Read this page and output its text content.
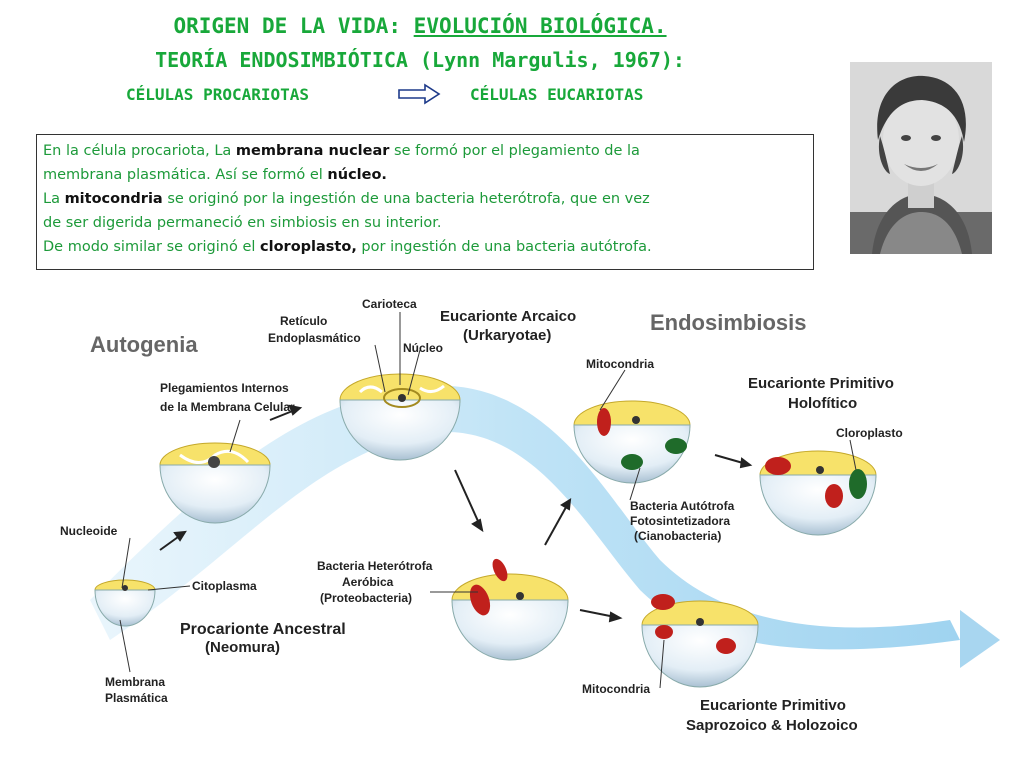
ORIGEN DE LA VIDA: EVOLUCIÓN BIOLÓGICA.
TEORÍA ENDOSIMBIÓTICA (Lynn Margulis, 1967):
CÉLULAS PROCARIOTAS	CÉLULAS EUCARIOTAS

En la célula procariota, La membrana nuclear se formó por el plegamiento de la

membrana plasmática. Así se formó el núcleo.

La mitocondria se originó por la ingestión de una bacteria heterótrofa, que en vez

de ser digerida permaneció en simbiosis en su interior.

De modo similar se originó el cloroplasto, por ingestión de una bacteria autótrofa.

Autogenia
Endosimbiosis
Nucleoide
Citoplasma
Procarionte Ancestral
(Neomura)
Membrana
Plasmática
Plegamientos Internos
de la Membrana Celular
Retículo
Endoplasmático
Carioteca
Núcleo
Eucarionte Arcaico
(Urkaryotae)
Bacteria Heterótrofa
Aeróbica
(Proteobacteria)
Mitocondria
Eucarionte Primitivo
Holofítico
Cloroplasto
Bacteria Autótrofa
Fotosintetizadora
(Cianobacteria)
Mitocondria
Eucarionte Primitivo
Saprozoico & Holozoico
